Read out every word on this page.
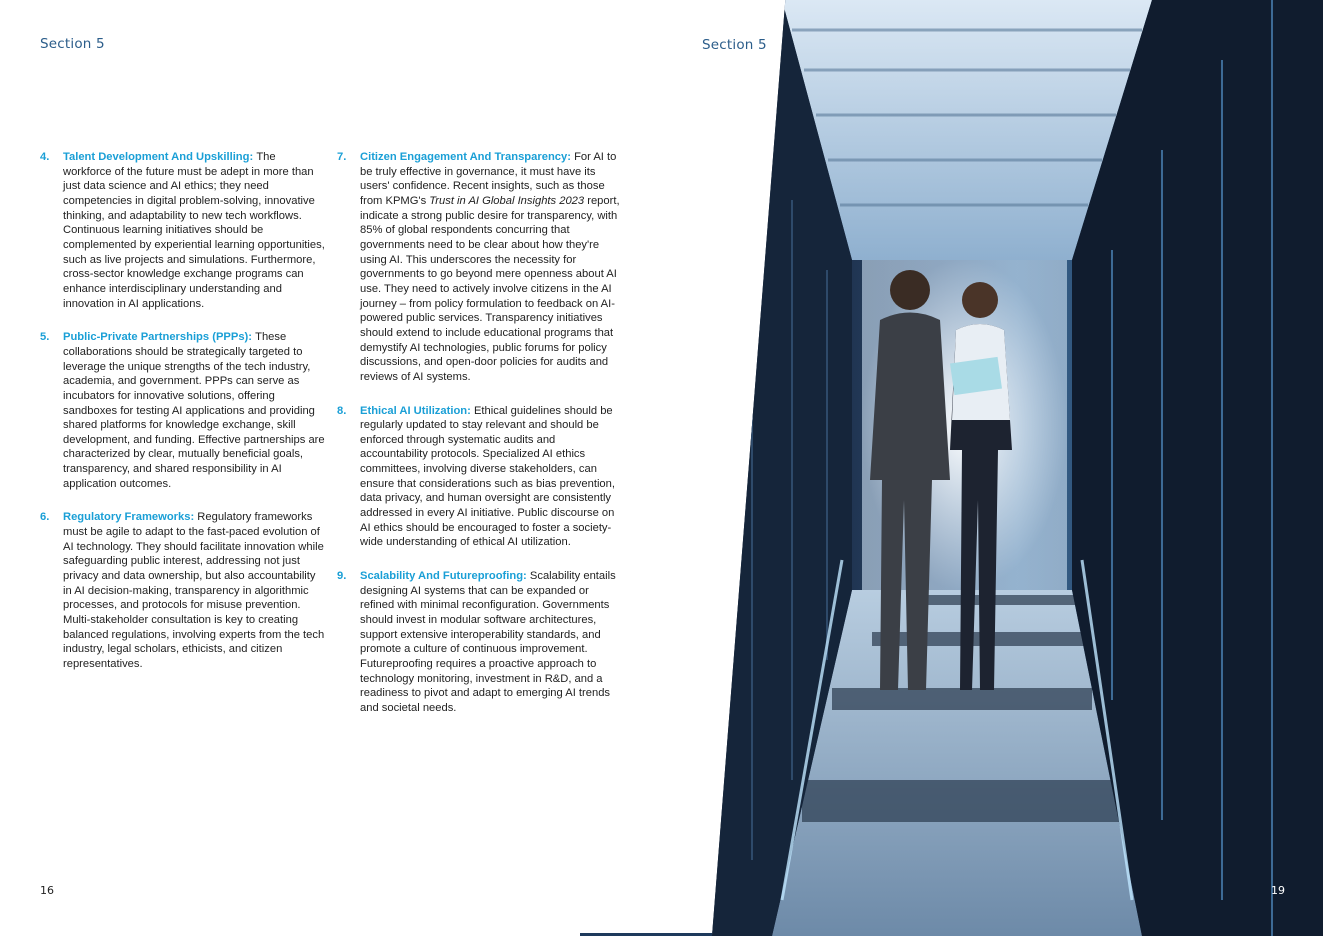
Section 5	Section 5
4. Talent Development And Upskilling: The workforce of the future must be adept in more than just data science and AI ethics; they need competencies in digital problem-solving, innovative thinking, and adaptability to new tech workflows. Continuous learning initiatives should be complemented by experiential learning opportunities, such as live projects and simulations. Furthermore, cross-sector knowledge exchange programs can enhance interdisciplinary understanding and innovation in AI applications.
5. Public-Private Partnerships (PPPs): These collaborations should be strategically targeted to leverage the unique strengths of the tech industry, academia, and government. PPPs can serve as incubators for innovative solutions, offering sandboxes for testing AI applications and providing shared platforms for knowledge exchange, skill development, and funding. Effective partnerships are characterized by clear, mutually beneficial goals, transparency, and shared responsibility in AI application outcomes.
6. Regulatory Frameworks: Regulatory frameworks must be agile to adapt to the fast-paced evolution of AI technology. They should facilitate innovation while safeguarding public interest, addressing not just privacy and data ownership, but also accountability in AI decision-making, transparency in algorithmic processes, and protocols for misuse prevention. Multi-stakeholder consultation is key to creating balanced regulations, involving experts from the tech industry, legal scholars, ethicists, and citizen representatives.
7. Citizen Engagement And Transparency: For AI to be truly effective in governance, it must have its users' confidence. Recent insights, such as those from KPMG's Trust in AI Global Insights 2023 report, indicate a strong public desire for transparency, with 85% of global respondents concurring that governments need to be clear about how they're using AI. This underscores the necessity for governments to go beyond mere openness about AI use. They need to actively involve citizens in the AI journey – from policy formulation to feedback on AI-powered public services. Transparency initiatives should extend to include educational programs that demystify AI technologies, public forums for policy discussions, and open-door policies for audits and reviews of AI systems.
8. Ethical AI Utilization: Ethical guidelines should be regularly updated to stay relevant and should be enforced through systematic audits and accountability protocols. Specialized AI ethics committees, involving diverse stakeholders, can ensure that considerations such as bias prevention, data privacy, and human oversight are consistently addressed in every AI initiative. Public discourse on AI ethics should be encouraged to foster a society-wide understanding of ethical AI utilization.
9. Scalability And Futureproofing: Scalability entails designing AI systems that can be expanded or refined with minimal reconfiguration. Governments should invest in modular software architectures, support extensive interoperability standards, and promote a culture of continuous improvement. Futureproofing requires a proactive approach to technology monitoring, investment in R&D, and a readiness to pivot and adapt to emerging AI trends and societal needs.
16	19
